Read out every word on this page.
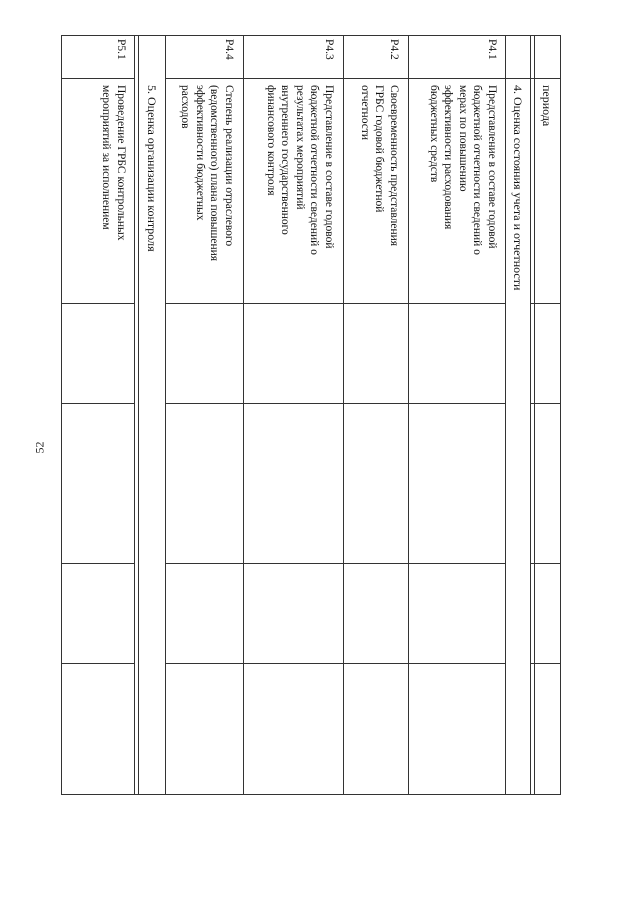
52
периода
4. Оценка состояния учета и отчетности
P4.1
Представление в составе годовой
бюджетной отчетности сведений о
мерах по повышению
эффективности расходования
бюджетных средств
P4.2
Своевременность представления
ГРБС годовой бюджетной
отчетности
P4.3
Представление в составе годовой
бюджетной отчетности сведений о
результатах мероприятий
внутреннего государственного
финансового контроля
P4.4
Степень реализации отраслевого
(ведомственного) плана повышения
эффективности бюджетных
расходов
5. Оценка организации контроля
P5.1
Проведение ГРБС контрольных
мероприятий за исполнением
